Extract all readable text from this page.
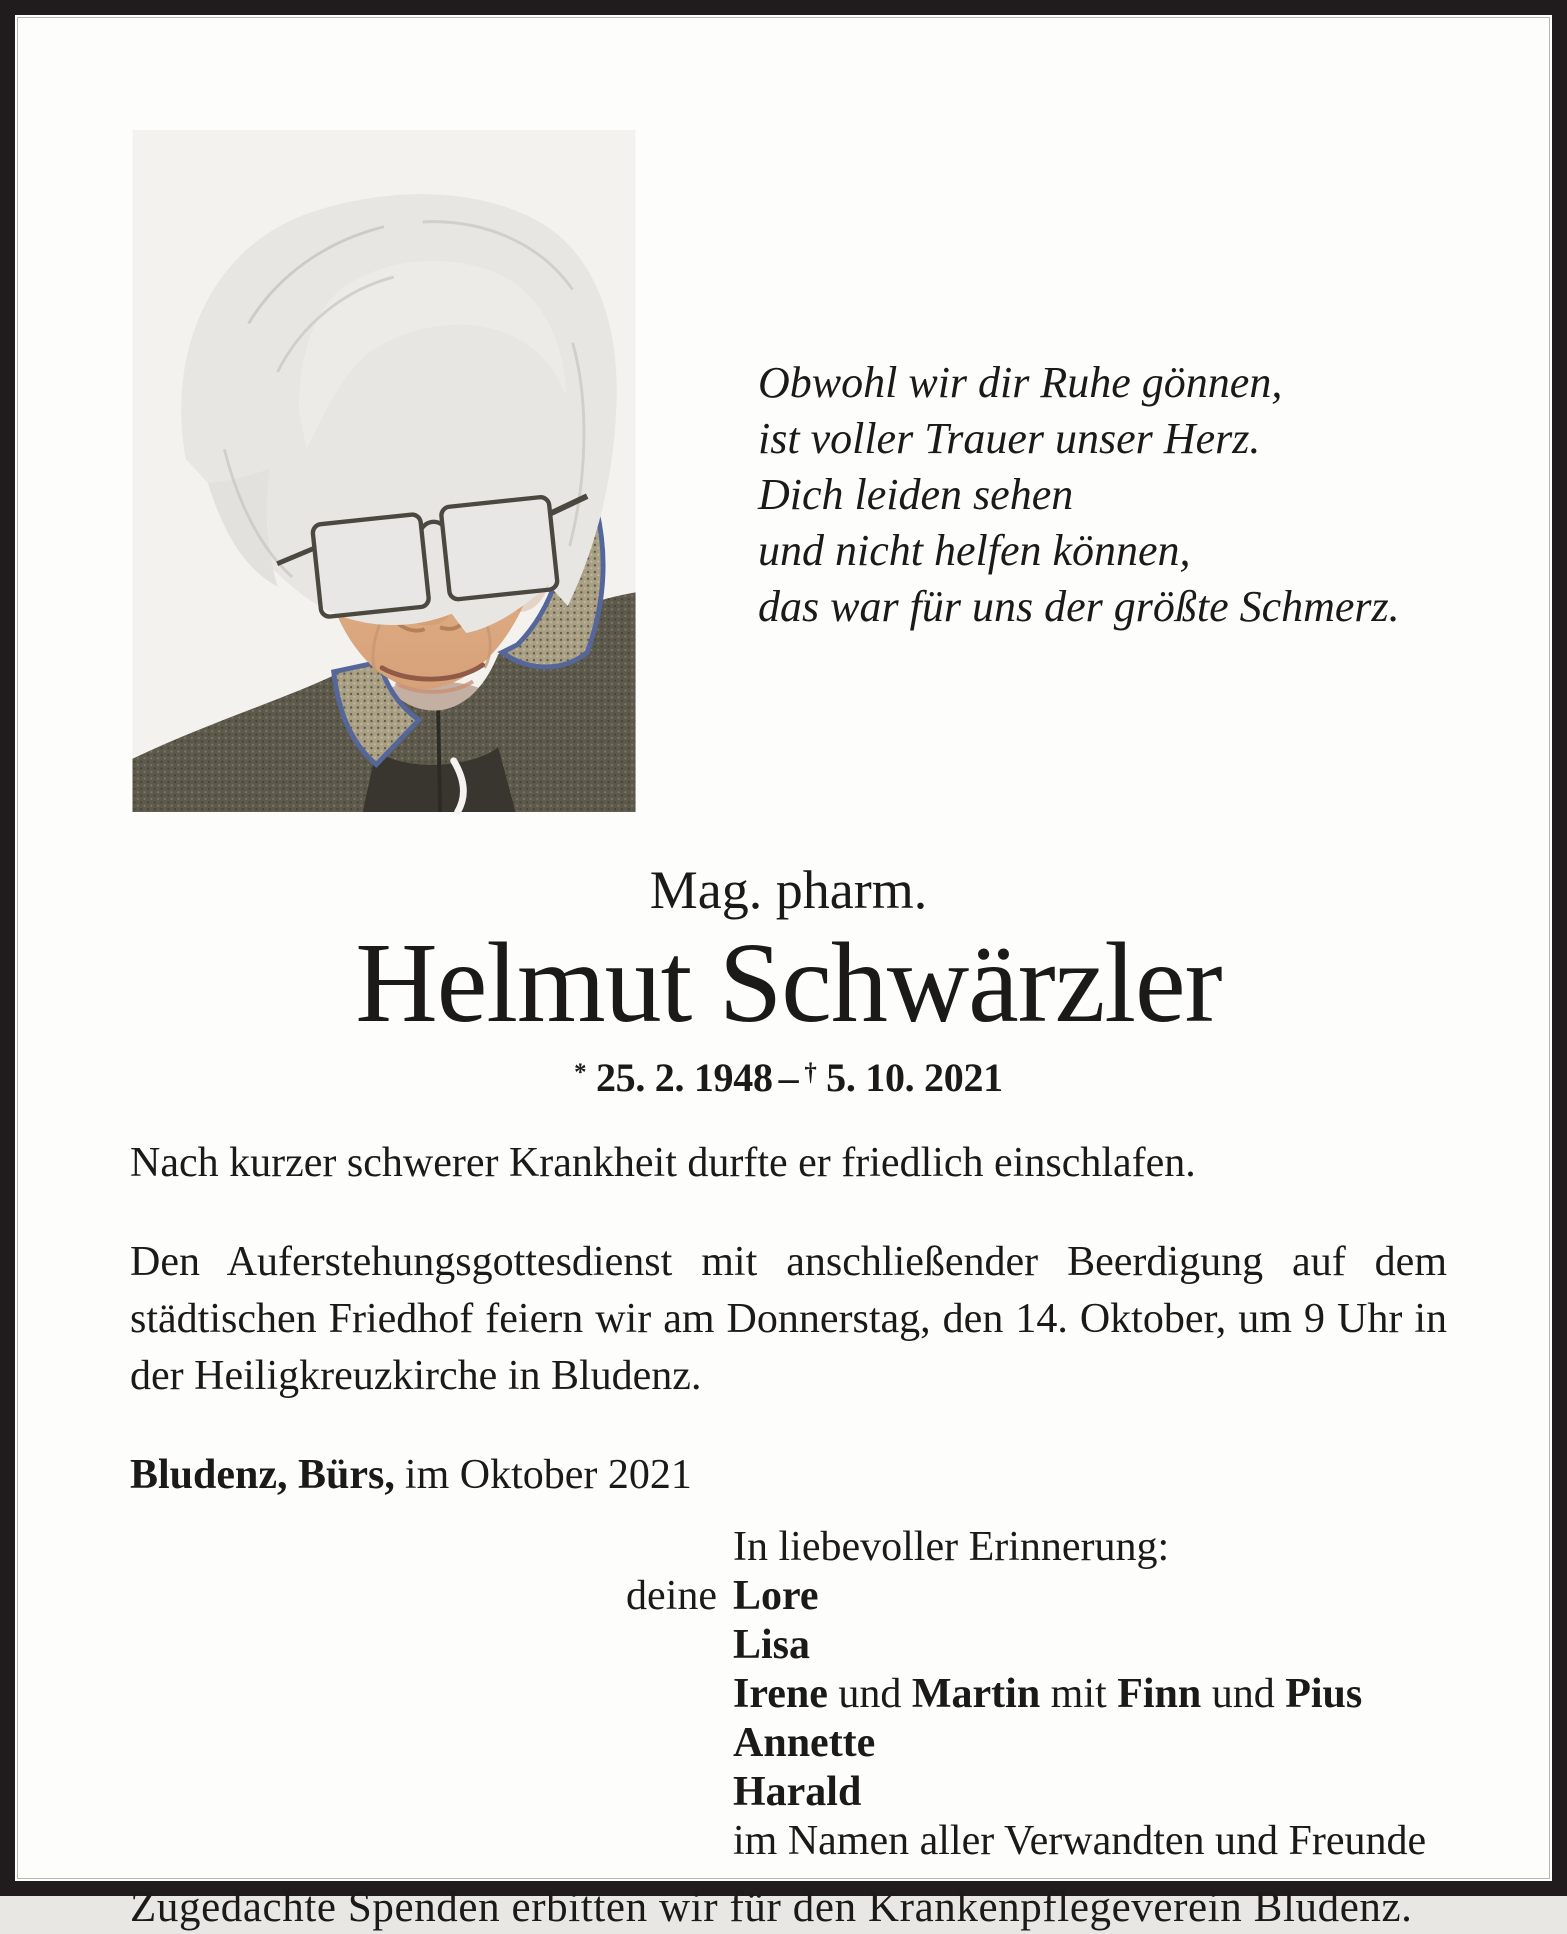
Obwohl wir dir Ruhe gönnen,
ist voller Trauer unser Herz.
Dich leiden sehen
und nicht helfen können,
das war für uns der größte Schmerz.
Mag. pharm.
Helmut Schwärzler
* 25. 2. 1948 – † 5. 10. 2021

Nach kurzer schwerer Krankheit durfte er friedlich einschlafen.

Den Auferstehungsgottesdienst mit anschließender Beerdigung auf dem städtischen Friedhof feiern wir am Donnerstag, den 14. Oktober, um 9 Uhr in der Heiligkreuzkirche in Bludenz.

Bludenz, Bürs, im Oktober 2021
In liebevoller Erinnerung:
deine Lore
Lisa
Irene und Martin mit Finn und Pius
Annette
Harald
im Namen aller Verwandten und Freunde
Zugedachte Spenden erbitten wir für den Krankenpflegeverein Bludenz.
